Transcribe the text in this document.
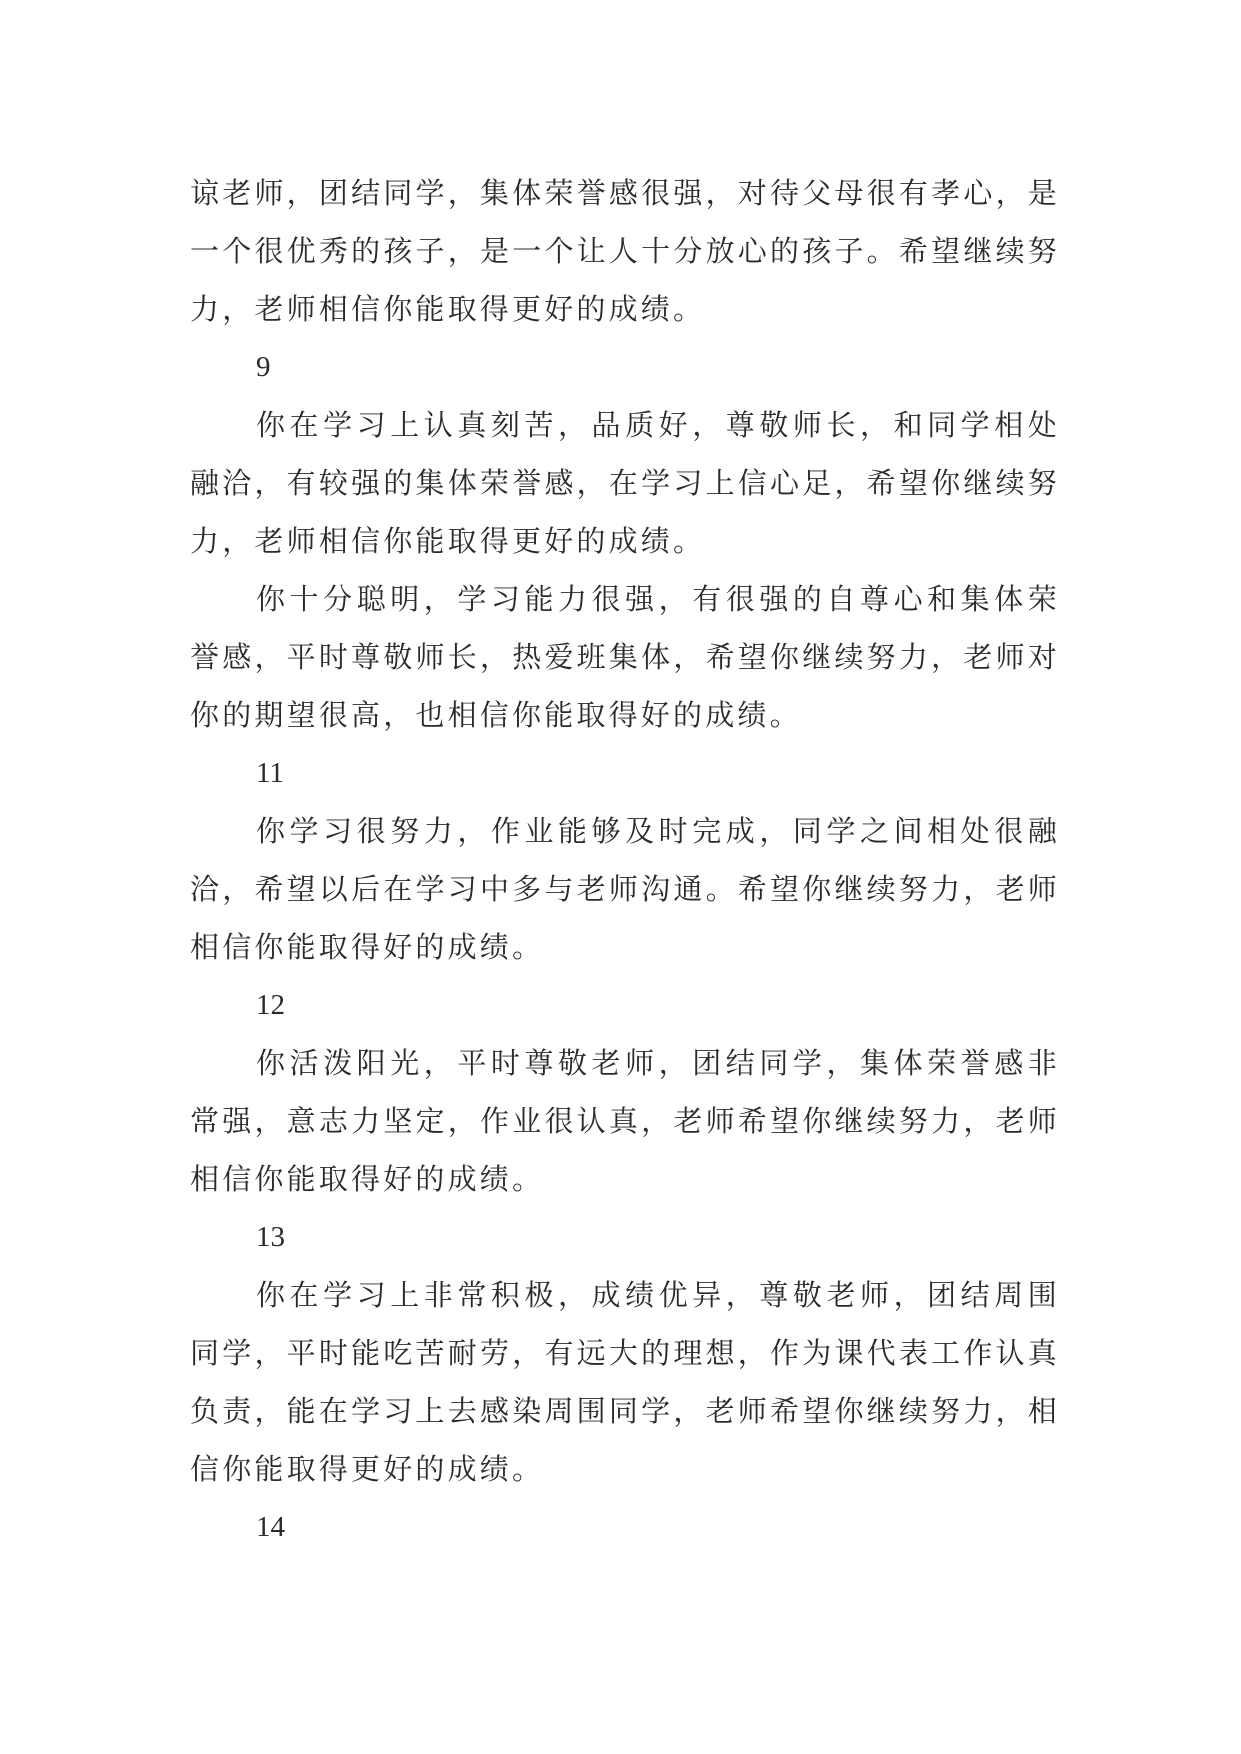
谅老师，团结同学，集体荣誉感很强，对待父母很有孝心，是一个很优秀的孩子，是一个让人十分放心的孩子。希望继续努力，老师相信你能取得更好的成绩。

9

你在学习上认真刻苦，品质好，尊敬师长，和同学相处融洽，有较强的集体荣誉感，在学习上信心足，希望你继续努力，老师相信你能取得更好的成绩。

你十分聪明，学习能力很强，有很强的自尊心和集体荣誉感，平时尊敬师长，热爱班集体，希望你继续努力，老师对你的期望很高，也相信你能取得好的成绩。

11

你学习很努力，作业能够及时完成，同学之间相处很融洽，希望以后在学习中多与老师沟通。希望你继续努力，老师相信你能取得好的成绩。

12

你活泼阳光，平时尊敬老师，团结同学，集体荣誉感非常强，意志力坚定，作业很认真，老师希望你继续努力，老师相信你能取得好的成绩。

13

你在学习上非常积极，成绩优异，尊敬老师，团结周围同学，平时能吃苦耐劳，有远大的理想，作为课代表工作认真负责，能在学习上去感染周围同学，老师希望你继续努力，相信你能取得更好的成绩。

14
